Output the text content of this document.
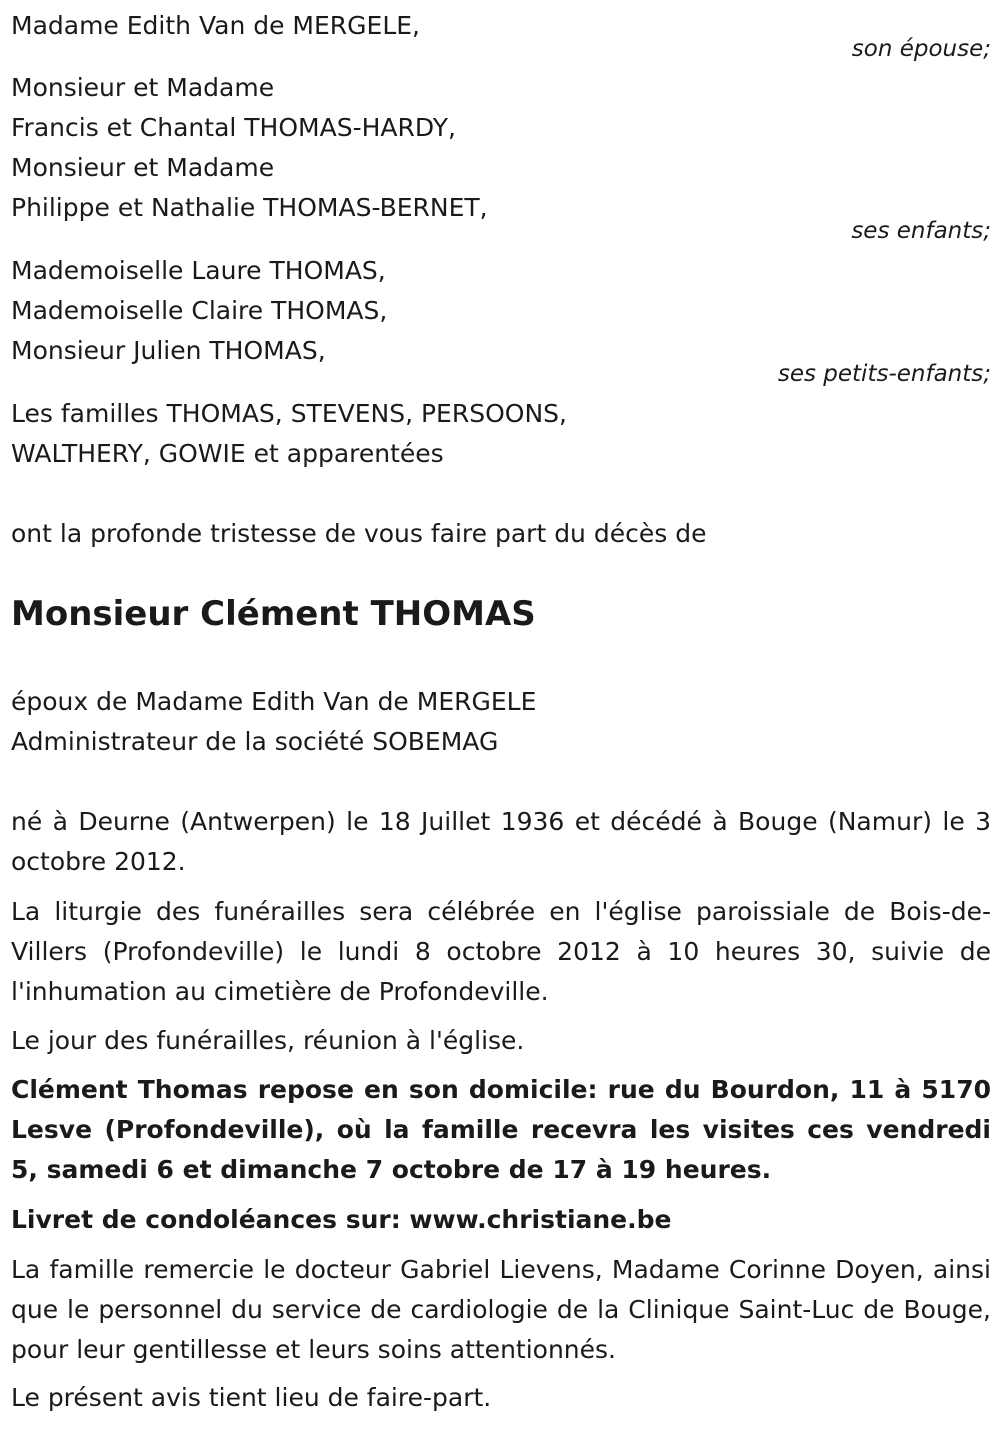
Madame Edith Van de MERGELE,
son épouse;
Monsieur et Madame
Francis et Chantal THOMAS-HARDY,
Monsieur et Madame
Philippe et Nathalie THOMAS-BERNET,
ses enfants;
Mademoiselle Laure THOMAS,
Mademoiselle Claire THOMAS,
Monsieur Julien THOMAS,
ses petits-enfants;
Les familles THOMAS, STEVENS, PERSOONS,
WALTHERY, GOWIE et apparentées
ont la profonde tristesse de vous faire part du décès de
Monsieur Clément THOMAS
époux de Madame Edith Van de MERGELE
Administrateur de la société SOBEMAG
né à Deurne (Antwerpen) le 18 Juillet 1936 et décédé à Bouge (Namur) le 3 octobre 2012.
La liturgie des funérailles sera célébrée en l'église paroissiale de Bois-de-Villers (Profondeville) le lundi 8 octobre 2012 à 10 heures 30, suivie de l'inhumation au cimetière de Profondeville.
Le jour des funérailles, réunion à l'église.
Clément Thomas repose en son domicile: rue du Bourdon, 11 à 5170 Lesve (Profondeville), où la famille recevra les visites ces vendredi 5, samedi 6 et dimanche 7 octobre de 17 à 19 heures.
Livret de condoléances sur: www.christiane.be
La famille remercie le docteur Gabriel Lievens, Madame Corinne Doyen, ainsi que le personnel du service de cardiologie de la Clinique Saint-Luc de Bouge, pour leur gentillesse et leurs soins attentionnés.
Le présent avis tient lieu de faire-part.
